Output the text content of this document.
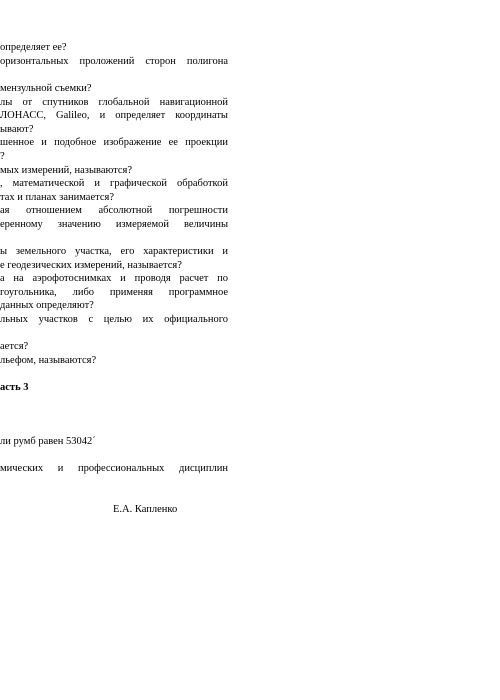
определяет ее?
оризонтальных проложений сторон полигона
мензульной съемки?
лы от спутников глобальной навигационной
ЛОНАСС, Galileo, и определяет координаты
ывают?
шенное и подобное изображение ее проекции
?
мых измерений, называются?
, математической и графической обработкой
тах и планах занимается?
ая отношением абсолютной погрешности
еренному значению измеряемой величины
ы земельного участка, его характеристики и
е геодезических измерений, называется?
а на аэрофотоснимках и проводя расчет по
гоугольника, либо применяя программное
данных определяют?
льных участков с целью их официального
ается?
льефом, называются?
асть 3
ли румб равен 53042´
мических и профессиональных дисциплин
Е.А. Капленко
